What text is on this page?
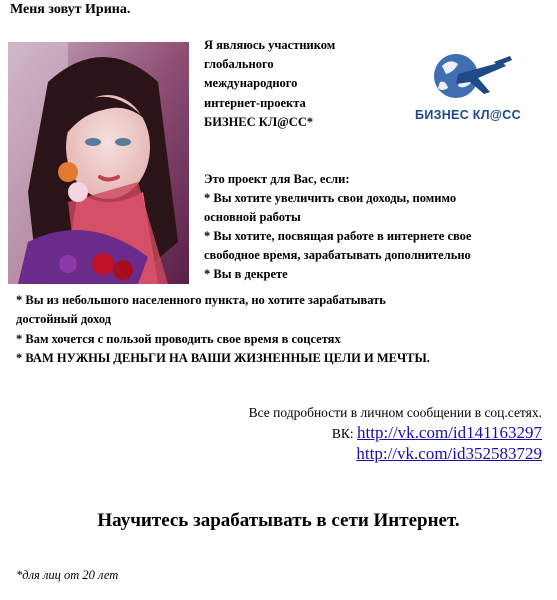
Меня зовут Ирина.
Я являюсь участником
глобального
международного
интернет-проекта
БИЗНЕС КЛ@СС*	БИЗНЕС КЛ@СС
Это проект для Вас, если:
* Вы хотите увеличить свои доходы, помимо
основной работы
* Вы хотите, посвящая работе в интернете свое
свободное время, зарабатывать дополнительно
* Вы в декрете
* Вы из небольшого населенного пункта, но хотите зарабатывать
достойный доход
* Вам хочется с пользой проводить свое время в соцсетях
* ВАМ НУЖНЫ ДЕНЬГИ НА ВАШИ ЖИЗНЕННЫЕ ЦЕЛИ И МЕЧТЫ.
Все подробности в личном сообщении в соц.сетях.
ВК: http://vk.com/id141163297
http://vk.com/id352583729
Научитесь зарабатывать в сети Интернет.
*для лиц от 20 лет
